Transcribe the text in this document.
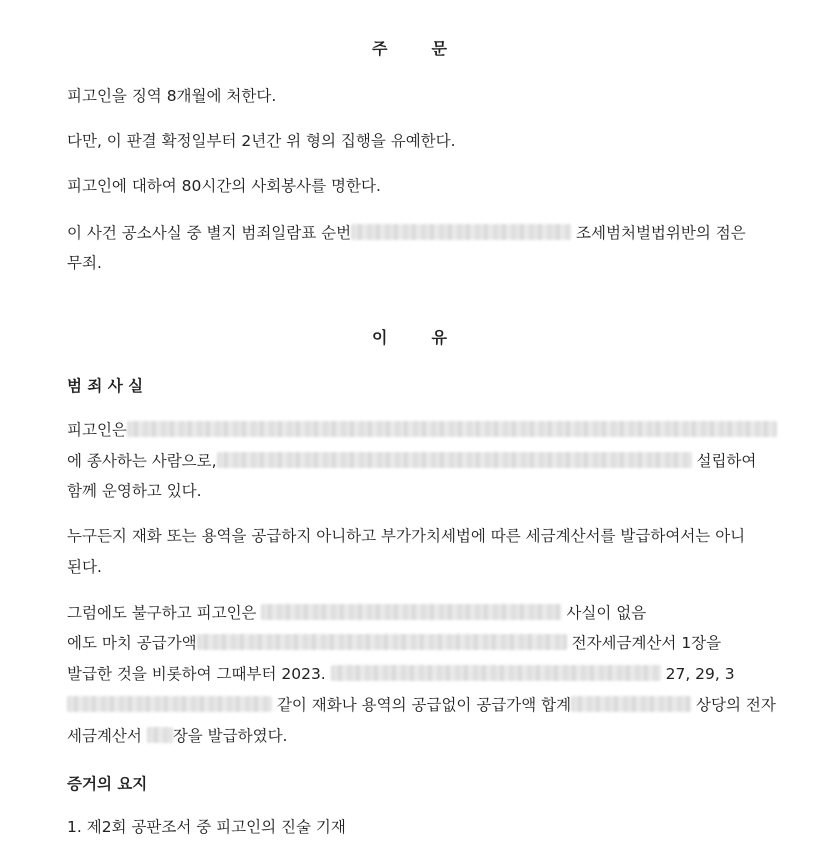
주	문
피고인을 징역 8개월에 처한다.
다만, 이 판결 확정일부터 2년간 위 형의 집행을 유예한다.
피고인에 대하여 80시간의 사회봉사를 명한다.
이 사건 공소사실 중 별지 범죄일람표 순번	조세범처벌법위반의 점은
무죄.
이	유
범 죄 사 실
피고인은
에 종사하는 사람으로,	설립하여
함께 운영하고 있다.
누구든지 재화 또는 용역을 공급하지 아니하고 부가가치세법에 따른 세금계산서를 발급하여서는 아니
된다.
그럼에도 불구하고 피고인은	사실이 없음
에도 마치 공급가액	전자세금계산서 1장을
발급한 것을 비롯하여 그때부터 2023.	27, 29, 3
같이 재화나 용역의 공급없이 공급가액 합계	상당의 전자
세금계산서 장을 발급하였다.
증거의 요지
1. 제2회 공판조서 중 피고인의 진술 기재
